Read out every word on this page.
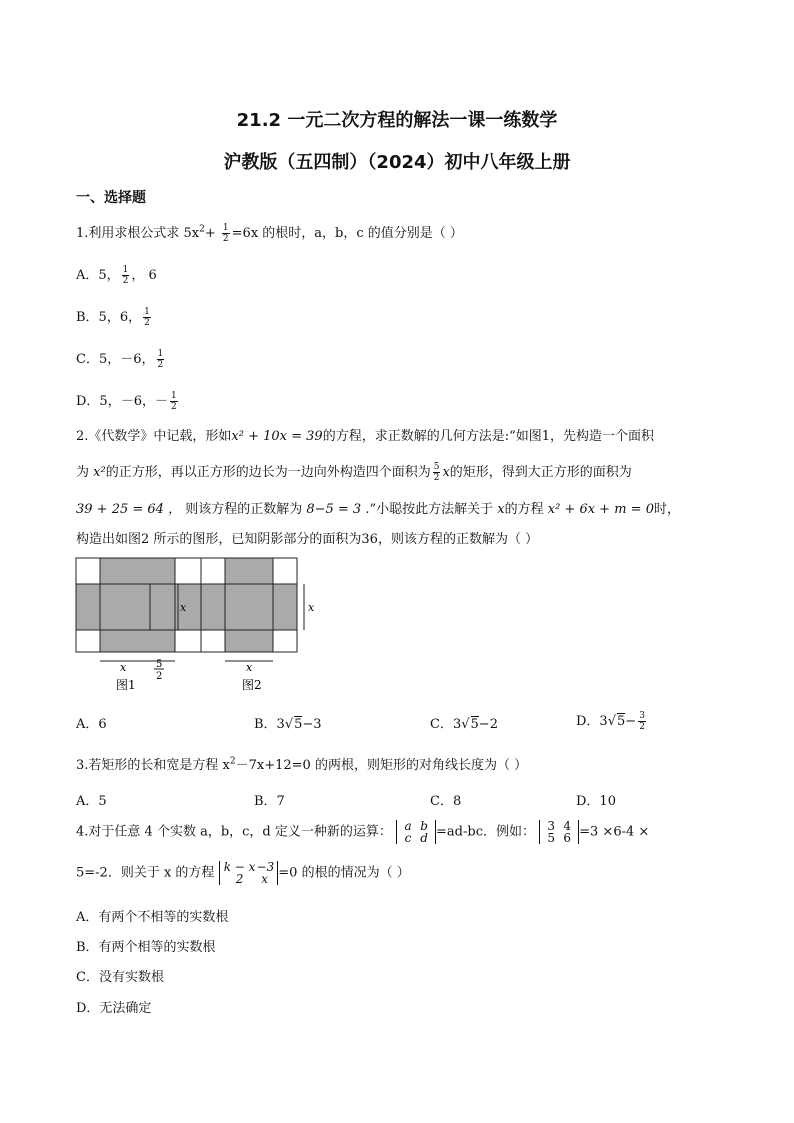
21.2 一元二次方程的解法一课一练数学
沪教版（五四制）（2024）初中八年级上册
一、选择题
1.利用求根公式求 $5x^2+ \frac{1}{2} =6x$ 的根时，a，b，c 的值分别是（ ）
A．5， $\frac{1}{2}$ ， 6
B．5，6， $\frac{1}{2}$
C．5，－6， $\frac{1}{2}$
D．5，－6，－ $\frac{1}{2}$
2.《代数学》中记载，形如x² + 10x = 39的方程，求正数解的几何方法是:“如图1，先构造一个面积
为 x²的正方形，再以正方形的边长为一边向外构造四个面积为 $\frac{5}{2}$ x的矩形，得到大正方形的面积为
39 + 25 = 64 ， 则该方程的正数解为 8−5 = 3 .”小聪按此方法解关于 x的方程 x² + 6x + m = 0时，
构造出如图2 所示的图形，已知阴影部分的面积为36，则该方程的正数解为（ ）
x
x	5
2
图1
x
x
图2
A．6	B．3√5−3	C．3√5−2	D．$3√5- \frac{3}{2}$
3.若矩形的长和宽是方程 $x^2-7x+12=0$ 的两根，则矩形的对角线长度为（ ）
A．5	B．7	C．8	D．10
4.对于任意 4 个实数 a，b，c，d 定义一种新的运算：	a b
c d =ad-bc．例如：	3 4
5 6 =3 ×6-4 ×
5=-2．则关于 x 的方程 k − x−3
2 x =0 的根的情况为（ ）
A．有两个不相等的实数根
B．有两个相等的实数根
C．没有实数根
D．无法确定
